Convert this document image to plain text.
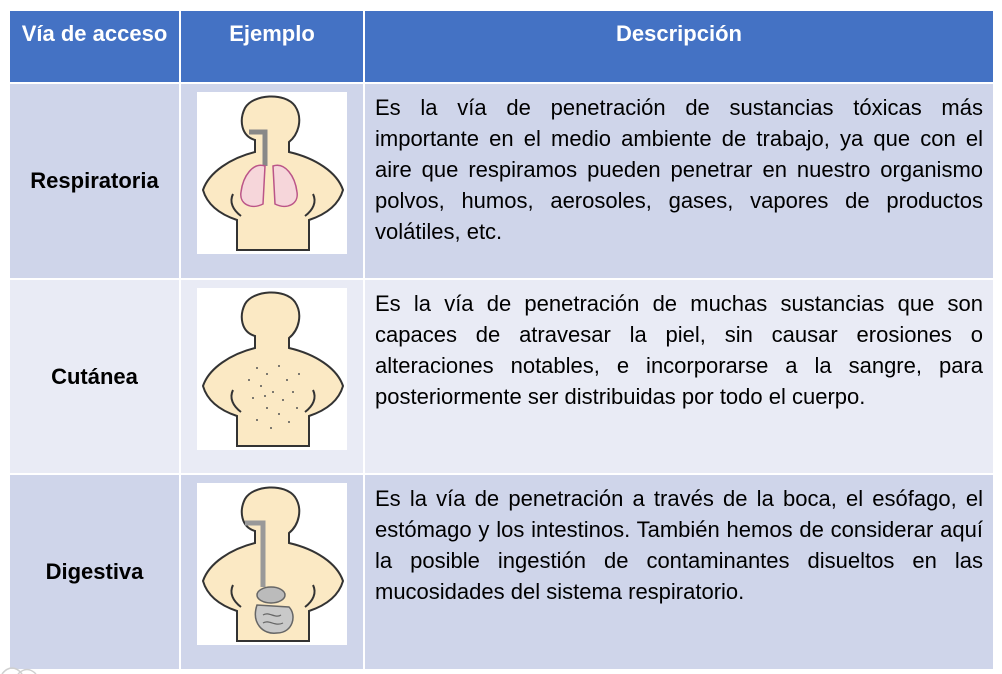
Vía de acceso	Ejemplo	Descripción
Respiratoria		Es la vía de penetración de sustancias tóxicas más importante en el medio ambiente de trabajo, ya que con el aire que respiramos pueden penetrar en nuestro organismo polvos, humos, aerosoles, gases, vapores de productos volátiles, etc.
Cutánea		Es la vía de penetración de muchas sustancias que son capaces de atravesar la piel, sin causar erosiones o alteraciones notables, e incorporarse a la sangre, para posteriormente ser distribuidas por todo el cuerpo.
Digestiva		Es la vía de penetración a través de la boca, el esófago, el estómago y los intestinos. También hemos de considerar aquí la posible ingestión de contaminantes disueltos en las mucosidades del sistema respiratorio.
